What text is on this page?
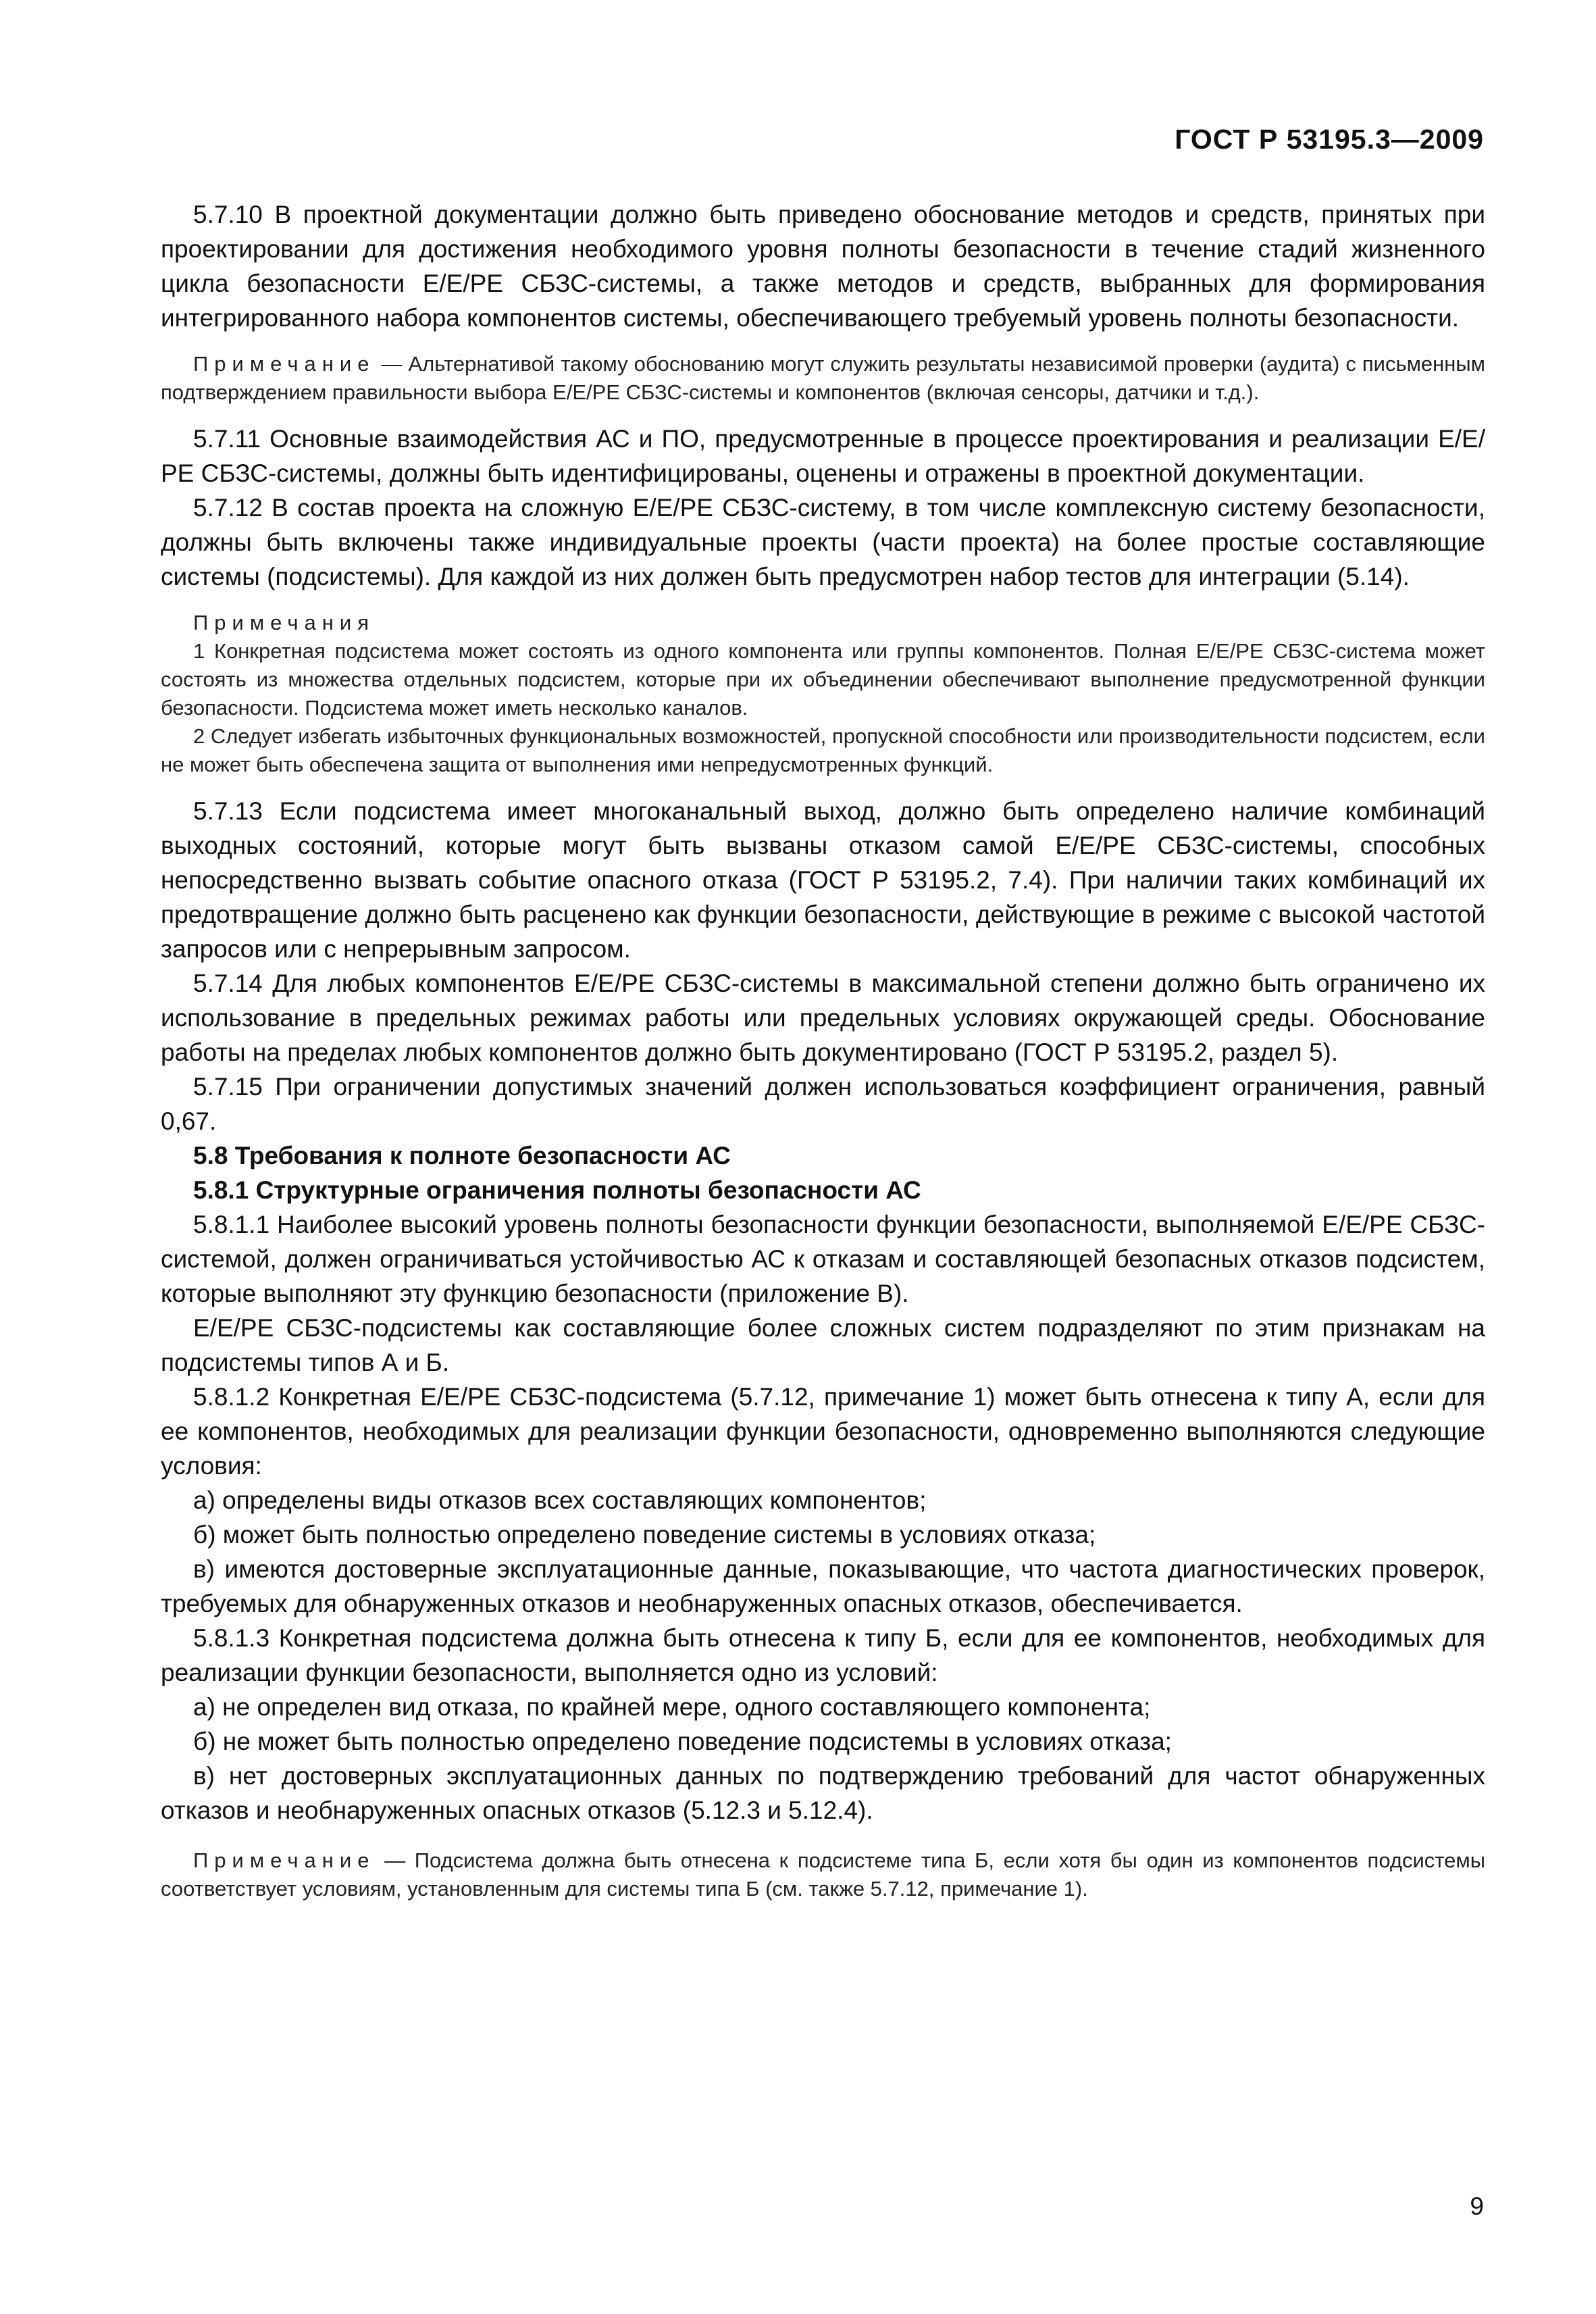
ГОСТ Р 53195.3—2009

5.7.10 В проектной документации должно быть приведено обоснование методов и средств, принятых при проектировании для достижения необходимого уровня полноты безопасности в течение стадий жизненного цикла безопасности Е/Е/РЕ СБЗС-системы, а также методов и средств, выбранных для формирования интегрированного набора компонентов системы, обеспечивающего требуемый уровень полноты безопасности.

Примечание — Альтернативой такому обоснованию могут служить результаты независимой проверки (аудита) с письменным подтверждением правильности выбора Е/Е/РЕ СБЗС-системы и компонентов (включая сенсоры, датчики и т.д.).

5.7.11 Основные взаимодействия АС и ПО, предусмотренные в процессе проектирования и реализации Е/Е/РЕ СБЗС-системы, должны быть идентифицированы, оценены и отражены в проектной документации.

5.7.12 В состав проекта на сложную Е/Е/РЕ СБЗС-систему, в том числе комплексную систему безопасности, должны быть включены также индивидуальные проекты (части проекта) на более простые составляющие системы (подсистемы). Для каждой из них должен быть предусмотрен набор тестов для интеграции (5.14).

Примечания

1 Конкретная подсистема может состоять из одного компонента или группы компонентов. Полная Е/Е/РЕ СБЗС-система может состоять из множества отдельных подсистем, которые при их объединении обеспечивают выполнение предусмотренной функции безопасности. Подсистема может иметь несколько каналов.

2 Следует избегать избыточных функциональных возможностей, пропускной способности или производительности подсистем, если не может быть обеспечена защита от выполнения ими непредусмотренных функций.

5.7.13 Если подсистема имеет многоканальный выход, должно быть определено наличие комбинаций выходных состояний, которые могут быть вызваны отказом самой Е/Е/РЕ СБЗС-системы, способных непосредственно вызвать событие опасного отказа (ГОСТ Р 53195.2, 7.4). При наличии таких комбинаций их предотвращение должно быть расценено как функции безопасности, действующие в режиме с высокой частотой запросов или с непрерывным запросом.

5.7.14 Для любых компонентов Е/Е/РЕ СБЗС-системы в максимальной степени должно быть ограничено их использование в предельных режимах работы или предельных условиях окружающей среды. Обоснование работы на пределах любых компонентов должно быть документировано (ГОСТ Р 53195.2, раздел 5).

5.7.15 При ограничении допустимых значений должен использоваться коэффициент ограничения, равный 0,67.

5.8 Требования к полноте безопасности АС

5.8.1 Структурные ограничения полноты безопасности АС

5.8.1.1 Наиболее высокий уровень полноты безопасности функции безопасности, выполняемой Е/Е/РЕ СБЗС-системой, должен ограничиваться устойчивостью АС к отказам и составляющей безопасных отказов подсистем, которые выполняют эту функцию безопасности (приложение В).

Е/Е/РЕ СБЗС-подсистемы как составляющие более сложных систем подразделяют по этим признакам на подсистемы типов А и Б.

5.8.1.2 Конкретная Е/Е/РЕ СБЗС-подсистема (5.7.12, примечание 1) может быть отнесена к типу А, если для ее компонентов, необходимых для реализации функции безопасности, одновременно выполняются следующие условия:

а) определены виды отказов всех составляющих компонентов;

б) может быть полностью определено поведение системы в условиях отказа;

в) имеются достоверные эксплуатационные данные, показывающие, что частота диагностических проверок, требуемых для обнаруженных отказов и необнаруженных опасных отказов, обеспечивается.

5.8.1.3 Конкретная подсистема должна быть отнесена к типу Б, если для ее компонентов, необходимых для реализации функции безопасности, выполняется одно из условий:

а) не определен вид отказа, по крайней мере, одного составляющего компонента;

б) не может быть полностью определено поведение подсистемы в условиях отказа;

в) нет достоверных эксплуатационных данных по подтверждению требований для частот обнаруженных отказов и необнаруженных опасных отказов (5.12.3 и 5.12.4).

Примечание — Подсистема должна быть отнесена к подсистеме типа Б, если хотя бы один из компонентов подсистемы соответствует условиям, установленным для системы типа Б (см. также 5.7.12, примечание 1).

9
